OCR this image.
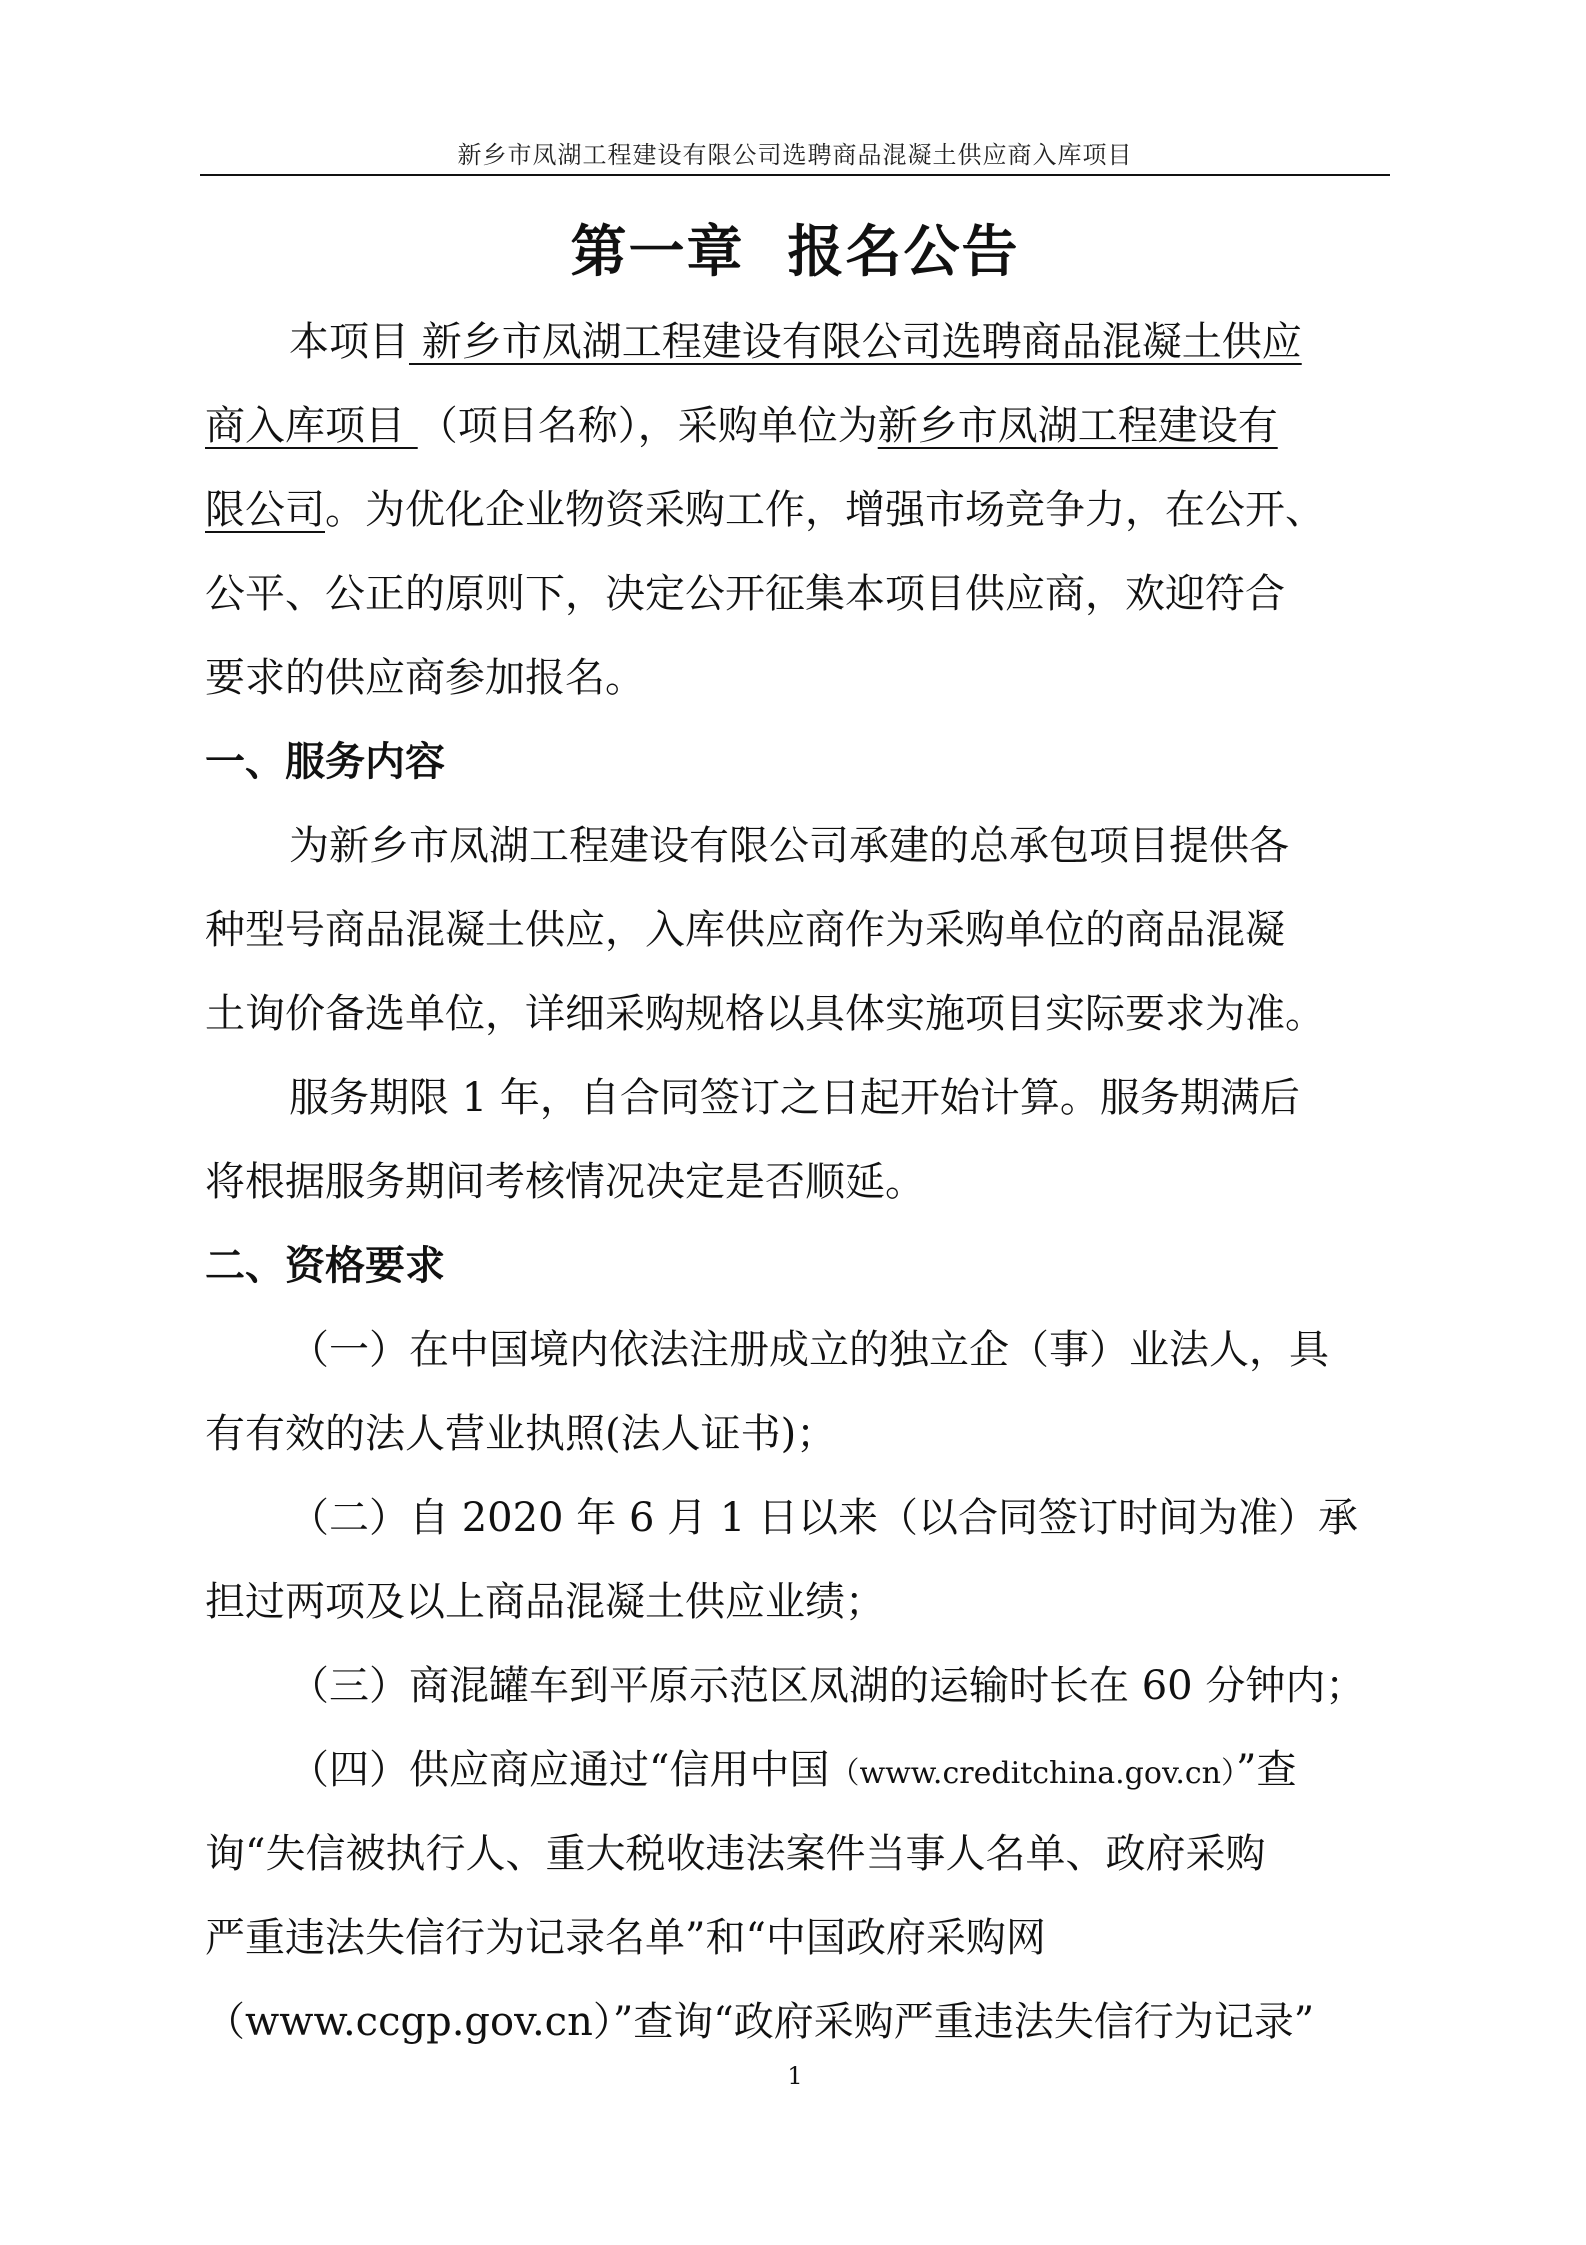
新乡市凤湖工程建设有限公司选聘商品混凝土供应商入库项目
第一章  报名公告
本项目 新乡市凤湖工程建设有限公司选聘商品混凝土供应
商入库项目 （项目名称），采购单位为新乡市凤湖工程建设有
限公司。为优化企业物资采购工作，增强市场竞争力，在公开、
公平、公正的原则下，决定公开征集本项目供应商，欢迎符合
要求的供应商参加报名。
一、服务内容
为新乡市凤湖工程建设有限公司承建的总承包项目提供各
种型号商品混凝土供应，入库供应商作为采购单位的商品混凝
土询价备选单位，详细采购规格以具体实施项目实际要求为准。
服务期限 1 年，自合同签订之日起开始计算。服务期满后
将根据服务期间考核情况决定是否顺延。
二、资格要求
（一）在中国境内依法注册成立的独立企（事）业法人，具
有有效的法人营业执照(法人证书)；
（二）自 2020 年 6 月 1 日以来（以合同签订时间为准）承
担过两项及以上商品混凝土供应业绩；
（三）商混罐车到平原示范区凤湖的运输时长在 60 分钟内；
（四）供应商应通过“信用中国（www.creditchina.gov.cn）”查
询“失信被执行人、重大税收违法案件当事人名单、政府采购
严重违法失信行为记录名单”和“中国政府采购网
（www.ccgp.gov.cn）”查询“政府采购严重违法失信行为记录”
1
